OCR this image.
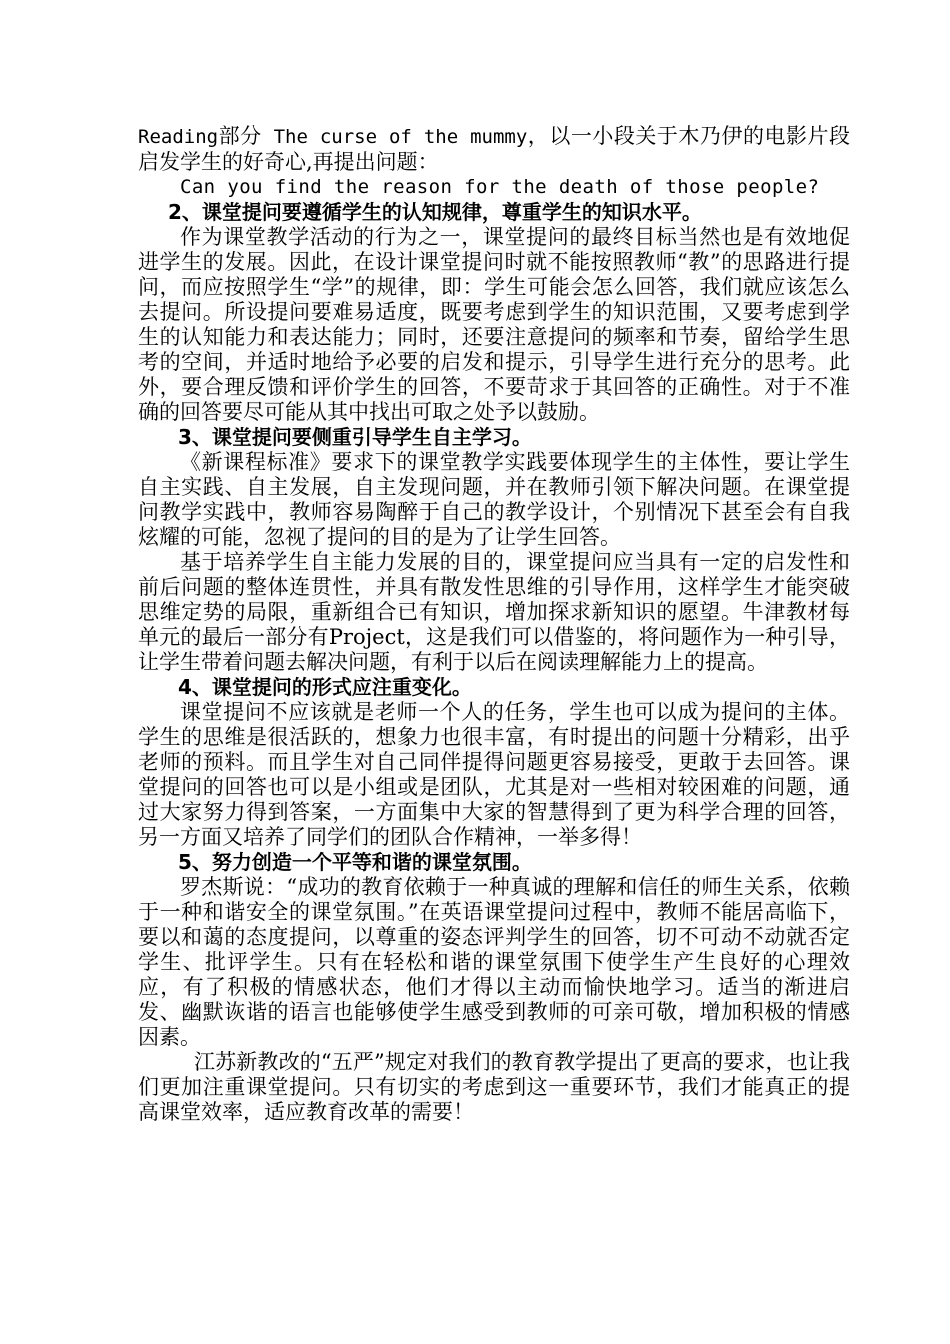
Reading部分 The curse of the mummy，以一小段关于木乃伊的电影片段启发学生的好奇心,再提出问题：

Can you find the reason for the death of those people?

2、课堂提问要遵循学生的认知规律，尊重学生的知识水平。

作为课堂教学活动的行为之一，课堂提问的最终目标当然也是有效地促进学生的发展。因此，在设计课堂提问时就不能按照教师“教”的思路进行提问，而应按照学生“学”的规律，即：学生可能会怎么回答，我们就应该怎么去提问。所设提问要难易适度，既要考虑到学生的知识范围，又要考虑到学生的认知能力和表达能力；同时，还要注意提问的频率和节奏，留给学生思考的空间，并适时地给予必要的启发和提示，引导学生进行充分的思考。此外，要合理反馈和评价学生的回答，不要苛求于其回答的正确性。对于不准确的回答要尽可能从其中找出可取之处予以鼓励。

3、课堂提问要侧重引导学生自主学习。

《新课程标准》要求下的课堂教学实践要体现学生的主体性，要让学生自主实践、自主发展，自主发现问题，并在教师引领下解决问题。在课堂提问教学实践中，教师容易陶醉于自己的教学设计，个别情况下甚至会有自我炫耀的可能，忽视了提问的目的是为了让学生回答。

基于培养学生自主能力发展的目的，课堂提问应当具有一定的启发性和前后问题的整体连贯性，并具有散发性思维的引导作用，这样学生才能突破思维定势的局限，重新组合已有知识，增加探求新知识的愿望。牛津教材每单元的最后一部分有Project，这是我们可以借鉴的，将问题作为一种引导，让学生带着问题去解决问题，有利于以后在阅读理解能力上的提高。

4、课堂提问的形式应注重变化。

课堂提问不应该就是老师一个人的任务，学生也可以成为提问的主体。学生的思维是很活跃的，想象力也很丰富，有时提出的问题十分精彩，出乎老师的预料。而且学生对自己同伴提得问题更容易接受，更敢于去回答。课堂提问的回答也可以是小组或是团队，尤其是对一些相对较困难的问题，通过大家努力得到答案，一方面集中大家的智慧得到了更为科学合理的回答，另一方面又培养了同学们的团队合作精神，一举多得！

5、努力创造一个平等和谐的课堂氛围。

罗杰斯说：“成功的教育依赖于一种真诚的理解和信任的师生关系，依赖于一种和谐安全的课堂氛围。”在英语课堂提问过程中，教师不能居高临下，要以和蔼的态度提问，以尊重的姿态评判学生的回答，切不可动不动就否定学生、批评学生。只有在轻松和谐的课堂氛围下使学生产生良好的心理效应，有了积极的情感状态，他们才得以主动而愉快地学习。适当的渐进启发、幽默诙谐的语言也能够使学生感受到教师的可亲可敬，增加积极的情感因素。

江苏新教改的“五严”规定对我们的教育教学提出了更高的要求，也让我们更加注重课堂提问。只有切实的考虑到这一重要环节，我们才能真正的提高课堂效率，适应教育改革的需要！
